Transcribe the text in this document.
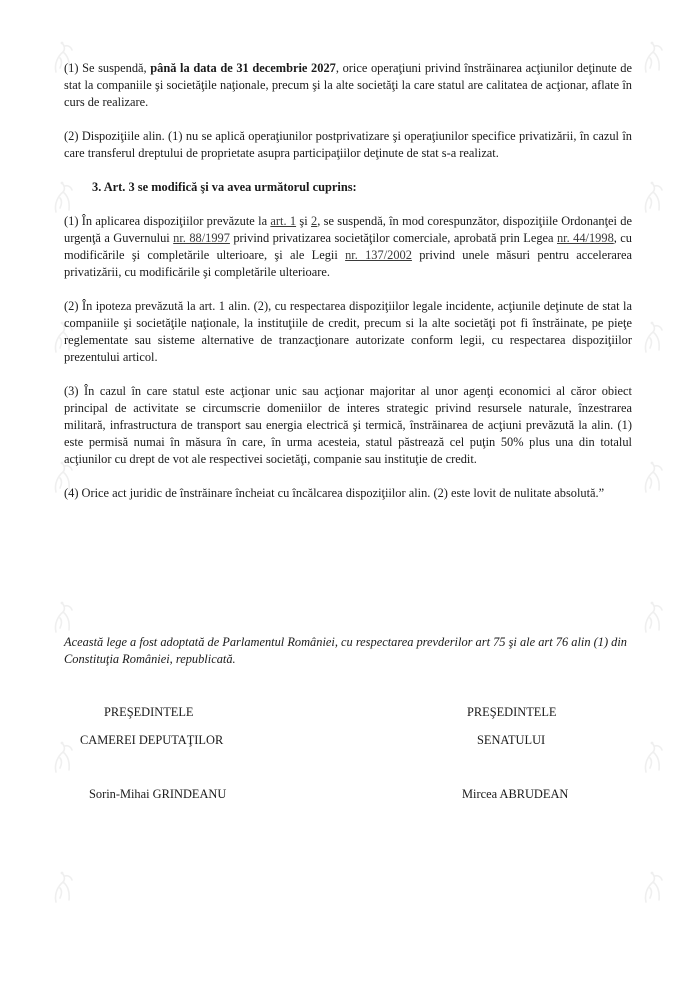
(1) Se suspendă, până la data de 31 decembrie 2027, orice operaţiuni privind înstrăinarea acţiunilor deţinute de stat la companiile şi societăţile naţionale, precum şi la alte societăţi la care statul are calitatea de acţionar, aflate în curs de realizare.

(2) Dispoziţiile alin. (1) nu se aplică operaţiunilor postprivatizare şi operaţiunilor specifice privatizării, în cazul în care transferul dreptului de proprietate asupra participaţiilor deţinute de stat s-a realizat.

3. Art. 3 se modifică şi va avea următorul cuprins:

(1) În aplicarea dispoziţiilor prevăzute la art. 1 şi 2, se suspendă, în mod corespunzător, dispoziţiile Ordonanţei de urgenţă a Guvernului nr. 88/1997 privind privatizarea societăţilor comerciale, aprobată prin Legea nr. 44/1998, cu modificările şi completările ulterioare, şi ale Legii nr. 137/2002 privind unele măsuri pentru accelerarea privatizării, cu modificările şi completările ulterioare.

(2) În ipoteza prevăzută la art. 1 alin. (2), cu respectarea dispoziţiilor legale incidente, acţiunile deţinute de stat la companiile şi societăţile naţionale, la instituţiile de credit, precum si la alte societăţi pot fi înstrăinate, pe pieţe reglementate sau sisteme alternative de tranzacţionare autorizate conform legii, cu respectarea dispoziţiilor prezentului articol.

(3) În cazul în care statul este acţionar unic sau acţionar majoritar al unor agenţi economici al căror obiect principal de activitate se circumscrie domeniilor de interes strategic privind resursele naturale, înzestrarea militară, infrastructura de transport sau energia electrică şi termică, înstrăinarea de acţiuni prevăzută la alin. (1) este permisă numai în măsura în care, în urma acesteia, statul păstrează cel puţin 50% plus una din totalul acţiunilor cu drept de vot ale respectivei societăţi, companie sau instituţie de credit.

(4) Orice act juridic de înstrăinare încheiat cu încălcarea dispoziţiilor alin. (2) este lovit de nulitate absolută.”

Această lege a fost adoptată de Parlamentul României, cu respectarea prevderilor art 75 şi ale art 76 alin (1) din Constituţia României, republicată.
PREŞEDINTELE
CAMEREI DEPUTAŢILOR
Sorin-Mihai GRINDEANU
PREŞEDINTELE
SENATULUI
Mircea ABRUDEAN
